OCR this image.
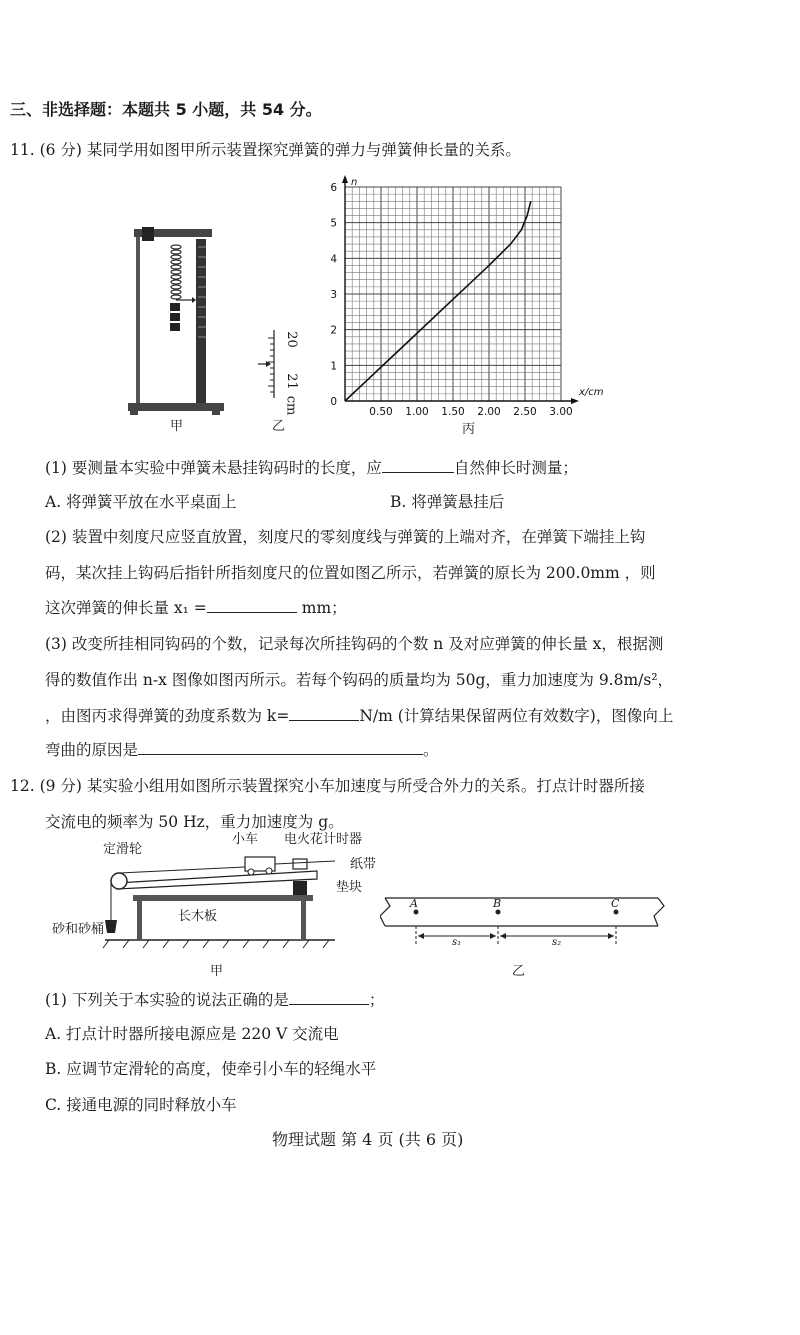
三、非选择题：本题共 5 小题，共 54 分。
11. (6 分) 某同学用如图甲所示装置探究弹簧的弹力与弹簧伸长量的关系。
甲
20
21
cm
乙
0.50 1.00 1.50 2.00 2.50 3.00
1
2
3
4
5
6
0
x/cm
n
丙
(1) 要测量本实验中弹簧未悬挂钩码时的长度，应	自然伸长时测量；
A. 将弹簧平放在水平桌面上	B. 将弹簧悬挂后
(2) 装置中刻度尺应竖直放置，刻度尺的零刻度线与弹簧的上端对齐，在弹簧下端挂上钩
码，某次挂上钩码后指针所指刻度尺的位置如图乙所示，若弹簧的原长为 200.0mm ，则
这次弹簧的伸长量 x₁ =	mm；
(3) 改变所挂相同钩码的个数，记录每次所挂钩码的个数 n 及对应弹簧的伸长量 x，根据测
得的数值作出 n-x 图像如图丙所示。若每个钩码的质量均为 50g，重力加速度为 9.8m/s²，
，由图丙求得弹簧的劲度系数为 k=	N/m (计算结果保留两位有效数字)，图像向上
弯曲的原因是	。
12. (9 分) 某实验小组用如图所示装置探究小车加速度与所受合外力的关系。打点计时器所接
交流电的频率为 50 Hz，重力加速度为 g。
定滑轮
小车 电火花计时器
纸带
垫块
长木板
砂和砂桶
甲
A	B	C
s₁	s₂
乙
(1) 下列关于本实验的说法正确的是	；
A. 打点计时器所接电源应是 220 V 交流电
B. 应调节定滑轮的高度，使牵引小车的轻绳水平
C. 接通电源的同时释放小车
物理试题 第 4 页 (共 6 页)
